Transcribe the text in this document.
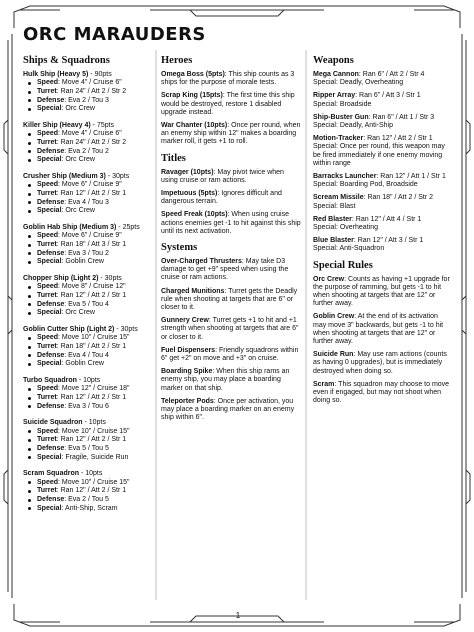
ORC MARAUDERS
Ships & Squadrons
Hulk Ship (Heavy 5) - 90pts
Speed: Move 4" / Cruise 6"
Turret: Ran 24" / Att 2 / Str 2
Defense: Eva 2 / Tou 3
Special: Orc Crew
Killer Ship (Heavy 4) - 75pts
Speed: Move 4" / Cruise 6"
Turret: Ran 24" / Att 2 / Str 2
Defense: Eva 2 / Tou 2
Special: Orc Crew
Crusher Ship (Medium 3) - 30pts
Speed: Move 6" / Cruise 9"
Turret: Ran 12" / Att 2 / Str 1
Defense: Eva 4 / Tou 3
Special: Orc Crew
Goblin Hab Ship (Medium 3) - 25pts
Speed: Move 6" / Cruise 9"
Turret: Ran 18" / Att 3 / Str 1
Defense: Eva 3 / Tou 2
Special: Goblin Crew
Chopper Ship (Light 2) - 30pts
Speed: Move 8" / Cruise 12"
Turret: Ran 12" / Att 2 / Str 1
Defense: Eva 5 / Tou 4
Special: Orc Crew
Goblin Cutter Ship (Light 2) - 30pts
Speed: Move 10" / Cruise 15"
Turret: Ran 18" / Att 2 / Str 1
Defense: Eva 4 / Tou 4
Special: Goblin Crew
Turbo Squadron - 10pts
Speed: Move 12" / Cruise 18"
Turret: Ran 12" / Att 2 / Str 1
Defense: Eva 3 / Tou 6
Suicide Squadron - 10pts
Speed: Move 10" / Cruise 15"
Turret: Ran 12" / Att 2 / Str 1
Defense: Eva 5 / Tou 5
Special: Fragile, Suicide Run
Scram Squadron - 10pts
Speed: Move 10" / Cruise 15"
Turret: Ran 12" / Att 2 / Str 1
Defense: Eva 2 / Tou 5
Special: Anti-Ship, Scram
Heroes
Omega Boss (5pts): This ship counts as 3 ships for the purpose of morale tests.
Scrap King (15pts): The first time this ship would be destroyed, restore 1 disabled upgrade instead.
War Chanter (10pts): Once per round, when an enemy ship within 12" makes a boarding marker roll, it gets +1 to roll.
Titles
Ravager (10pts): May pivot twice when using cruise or ram actions.
Impetuous (5pts): Ignores difficult and dangerous terrain.
Speed Freak (10pts): When using cruise actions enemies get -1 to hit against this ship until its next activation.
Systems
Over-Charged Thrusters: May take D3 damage to get +9" speed when using the cruise or ram actions.
Charged Munitions: Turret gets the Deadly rule when shooting at targets that are 6" or closer to it.
Gunnery Crew: Turret gets +1 to hit and +1 strength when shooting at targets that are 6" or closer to it.
Fuel Dispensers: Friendly squadrons within 6" get +2" on move and +3" on cruise.
Boarding Spike: When this ship rams an enemy ship, you may place a boarding marker on that ship.
Teleporter Pods: Once per activation, you may place a boarding marker on an enemy ship within 6".
Weapons
Mega Cannon: Ran 6" / Att 2 / Str 4
Special: Deadly, Overheating
Ripper Array: Ran 6" / Att 3 / Str 1
Special: Broadside
Ship-Buster Gun: Ran 6" / Att 1 / Str 3
Special: Deadly, Anti-Ship
Motion-Tracker: Ran 12" / Att 2 / Str 1
Special: Once per round, this weapon may be fired immediately if one enemy moving within range
Barracks Launcher: Ran 12" / Att 1 / Str 1
Special: Boarding Pod, Broadside
Scream Missile: Ran 18" / Att 2 / Str 2
Special: Blast
Red Blaster: Ran 12" / Att 4 / Str 1
Special: Overheating
Blue Blaster: Ran 12" / Att 3 / Str 1
Special: Anti-Squadron
Special Rules
Orc Crew: Counts as having +1 upgrade for the purpose of ramming, but gets -1 to hit when shooting at targets that are 12" or further away.
Goblin Crew: At the end of its activation may move 3" backwards, but gets -1 to hit when shooting at targets that are 12" or further away.
Suicide Run: May use ram actions (counts as having 0 upgrades), but is immediately destroyed when doing so.
Scram: This squadron may choose to move even if engaged, but may not shoot when doing so.
1
